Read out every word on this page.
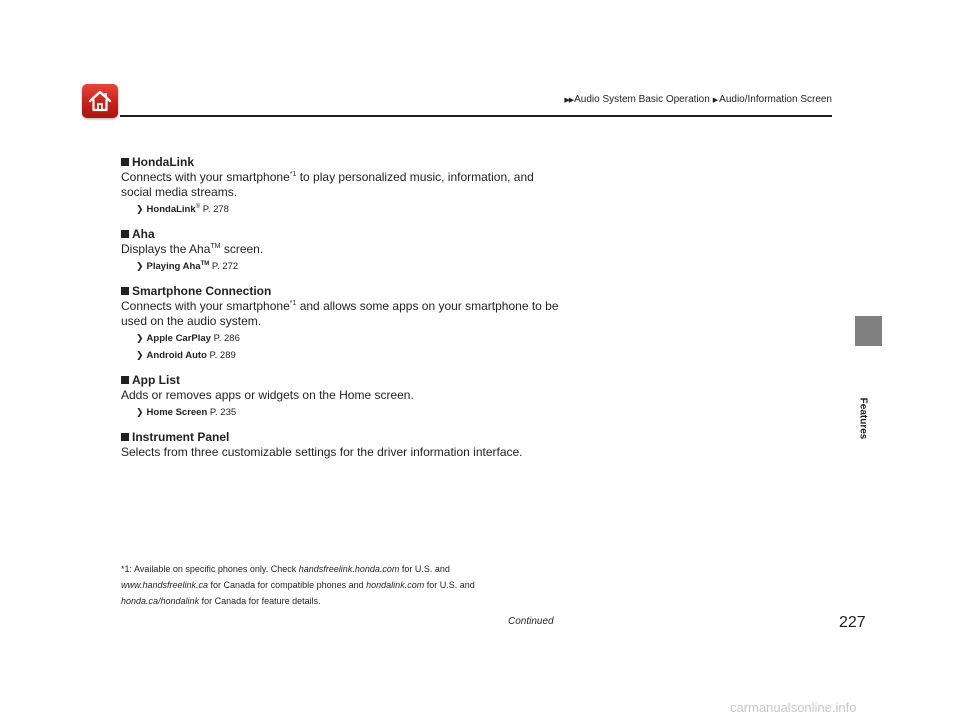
▶▶ Audio System Basic Operation ▶ Audio/Information Screen
Features
HondaLink
Connects with your smartphone$^{*1}$ to play personalized music, information, and social media streams.
❯ HondaLink® P. 278
Aha
Displays the Aha™ screen.
❯ Playing Aha™ P. 272
Smartphone Connection
Connects with your smartphone$^{*1}$ and allows some apps on your smartphone to be used on the audio system.
❯ Apple CarPlay P. 286
❯ Android Auto P. 289
App List
Adds or removes apps or widgets on the Home screen.
❯ Home Screen P. 235
Instrument Panel
Selects from three customizable settings for the driver information interface.
*1: Available on specific phones only. Check handsfreelink.honda.com for U.S. and
www.handsfreelink.ca for Canada for compatible phones and hondalink.com for U.S. and
honda.ca/hondalink for Canada for feature details.
Continued	227
carmanualsonline.info
